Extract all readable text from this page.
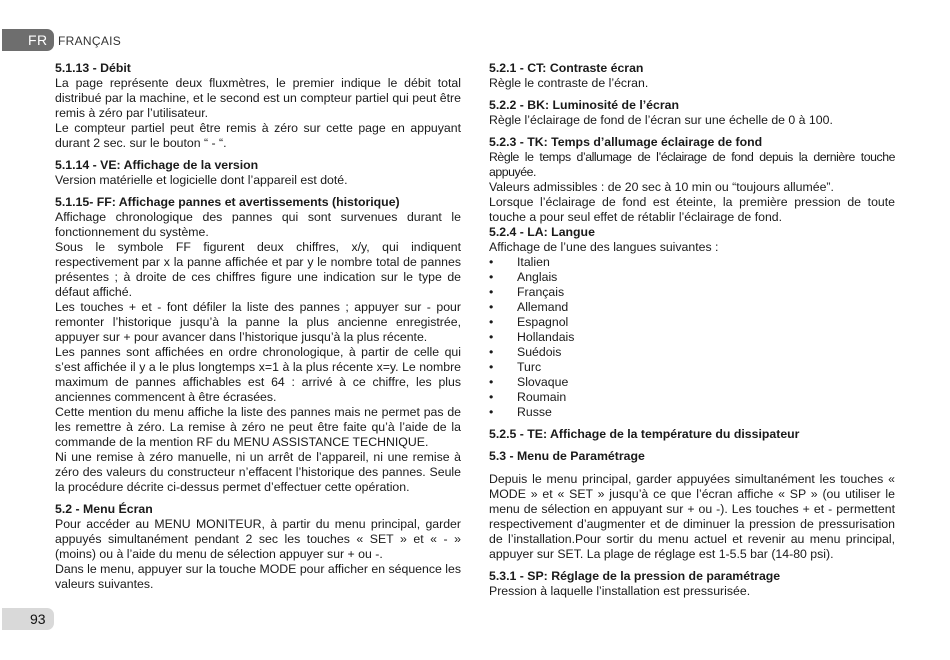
FR FRANÇAIS
5.1.13 - Débit

La page représente deux fluxmètres, le premier indique le débit total distribué par la machine, et le second est un compteur partiel qui peut être remis à zéro par l’utilisateur.

Le compteur partiel peut être remis à zéro sur cette page en appuyant durant 2 sec. sur le bouton “ - “.

5.1.14 - VE: Affichage de la version

Version matérielle et logicielle dont l’appareil est doté.

5.1.15- FF: Affichage pannes et avertissements (historique)

Affichage chronologique des pannes qui sont survenues durant le fonctionnement du système.

Sous le symbole FF figurent deux chiffres, x/y, qui indiquent respectivement par x la panne affichée et par y le nombre total de pannes présentes ; à droite de ces chiffres figure une indication sur le type de défaut affiché.

Les touches + et - font défiler la liste des pannes ; appuyer sur - pour remonter l’historique jusqu’à la panne la plus ancienne enregistrée, appuyer sur + pour avancer dans l’historique jusqu’à la plus récente.

Les pannes sont affichées en ordre chronologique, à partir de celle qui s’est affichée il y a le plus longtemps x=1 à la plus récente x=y. Le nombre maximum de pannes affichables est 64 : arrivé à ce chiffre, les plus anciennes commencent à être écrasées.

Cette mention du menu affiche la liste des pannes mais ne permet pas de les remettre à zéro. La remise à zéro ne peut être faite qu’à l’aide de la commande de la mention RF du MENU ASSISTANCE TECHNIQUE.

Ni une remise à zéro manuelle, ni un arrêt de l’appareil, ni une remise à zéro des valeurs du constructeur n’effacent l’historique des pannes. Seule la procédure décrite ci-dessus permet d’effectuer cette opération.

5.2 - Menu Écran

Pour accéder au MENU MONITEUR, à partir du menu principal, garder appuyés simultanément pendant 2 sec les touches « SET » et « - » (moins) ou à l’aide du menu de sélection appuyer sur + ou -.

Dans le menu, appuyer sur la touche MODE pour afficher en séquence les valeurs suivantes.

5.2.1 - CT: Contraste écran

Règle le contraste de l’écran.

5.2.2 - BK: Luminosité de l’écran

Règle l’éclairage de fond de l’écran sur une échelle de 0 à 100.

5.2.3 - TK: Temps d’allumage éclairage de fond

Règle le temps d’allumage de l’éclairage de fond depuis la dernière touche appuyée.

Valeurs admissibles : de 20 sec à 10 min ou “toujours allumée”.

Lorsque l’éclairage de fond est éteinte, la première pression de toute touche a pour seul effet de rétablir l’éclairage de fond.

5.2.4 - LA: Langue

Affichage de l’une des langues suivantes :

• Italien
• Anglais
• Français
• Allemand
• Espagnol
• Hollandais
• Suédois
• Turc
• Slovaque
• Roumain
• Russe
5.2.5 - TE: Affichage de la température du dissipateur
5.3 - Menu de Paramétrage

Depuis le menu principal, garder appuyées simultanément les touches « MODE » et « SET » jusqu’à ce que l’écran affiche « SP » (ou utiliser le menu de sélection en appuyant sur + ou -). Les touches + et - permettent respectivement d’augmenter et de diminuer la pression de pressurisation de l’installation.Pour sortir du menu actuel et revenir au menu principal, appuyer sur SET. La plage de réglage est 1-5.5 bar (14-80 psi).

5.3.1 - SP: Réglage de la pression de paramétrage

Pression à laquelle l’installation est pressurisée.

93
